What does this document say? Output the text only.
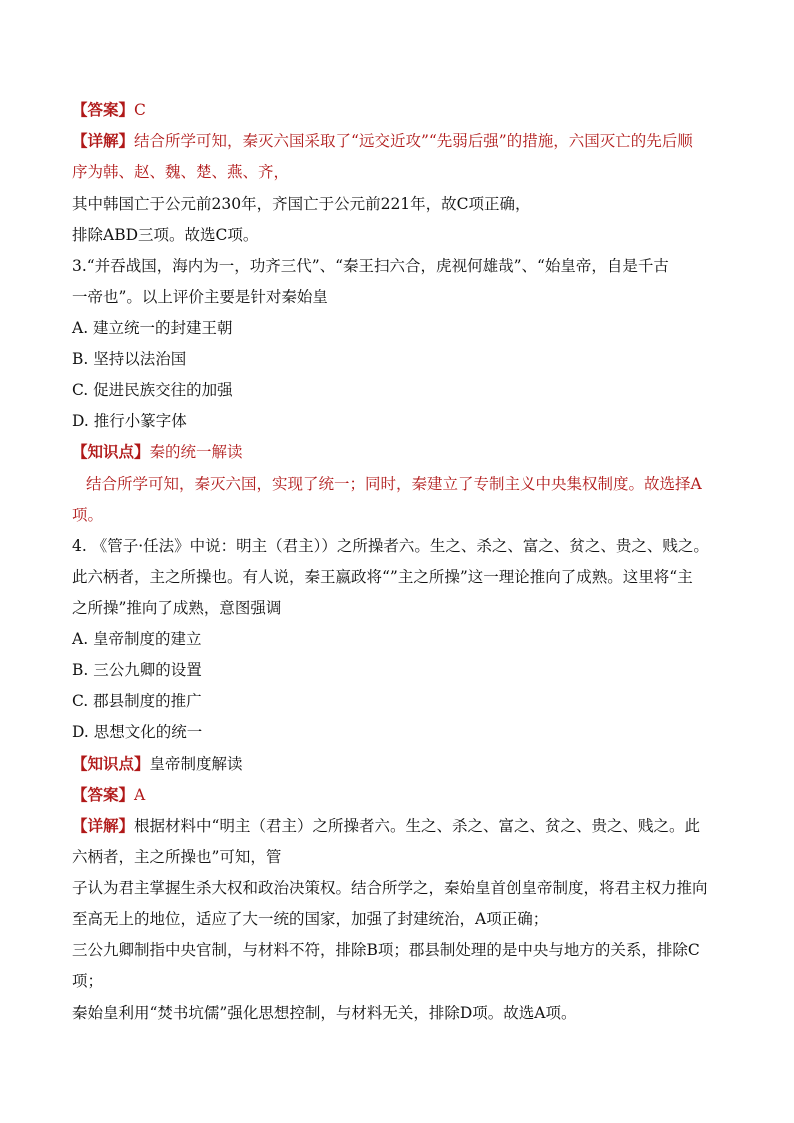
【答案】C
【详解】结合所学可知，秦灭六国采取了“远交近攻”“先弱后强”的措施，六国灭亡的先后顺
序为韩、赵、魏、楚、燕、齐，
其中韩国亡于公元前230年，齐国亡于公元前221年，故C项正确，
排除ABD三项。故选C项。
3.“并吞战国，海内为一，功齐三代”、“秦王扫六合，虎视何雄哉”、“始皇帝，自是千古
一帝也”。以上评价主要是针对秦始皇
A. 建立统一的封建王朝
B. 坚持以法治国
C. 促进民族交往的加强
D. 推行小篆字体
【知识点】秦的统一解读
结合所学可知，秦灭六国，实现了统一；同时，秦建立了专制主义中央集权制度。故选择A
项。
4. 《管子·任法》中说：明主（君主））之所操者六。生之、杀之、富之、贫之、贵之、贱之。
此六柄者，主之所操也。有人说，秦王嬴政将“”主之所操”这一理论推向了成熟。这里将“主
之所操”推向了成熟，意图强调
A. 皇帝制度的建立
B. 三公九卿的设置
C. 郡县制度的推广
D. 思想文化的统一
【知识点】皇帝制度解读
【答案】A
【详解】根据材料中“明主（君主）之所操者六。生之、杀之、富之、贫之、贵之、贱之。此
六柄者，主之所操也”可知，管
子认为君主掌握生杀大权和政治决策权。结合所学之，秦始皇首创皇帝制度，将君主权力推向
至高无上的地位，适应了大一统的国家，加强了封建统治，A项正确；
三公九卿制指中央官制，与材料不符，排除B项；郡县制处理的是中央与地方的关系，排除C
项；
秦始皇利用“焚书坑儒”强化思想控制，与材料无关，排除D项。故选A项。
